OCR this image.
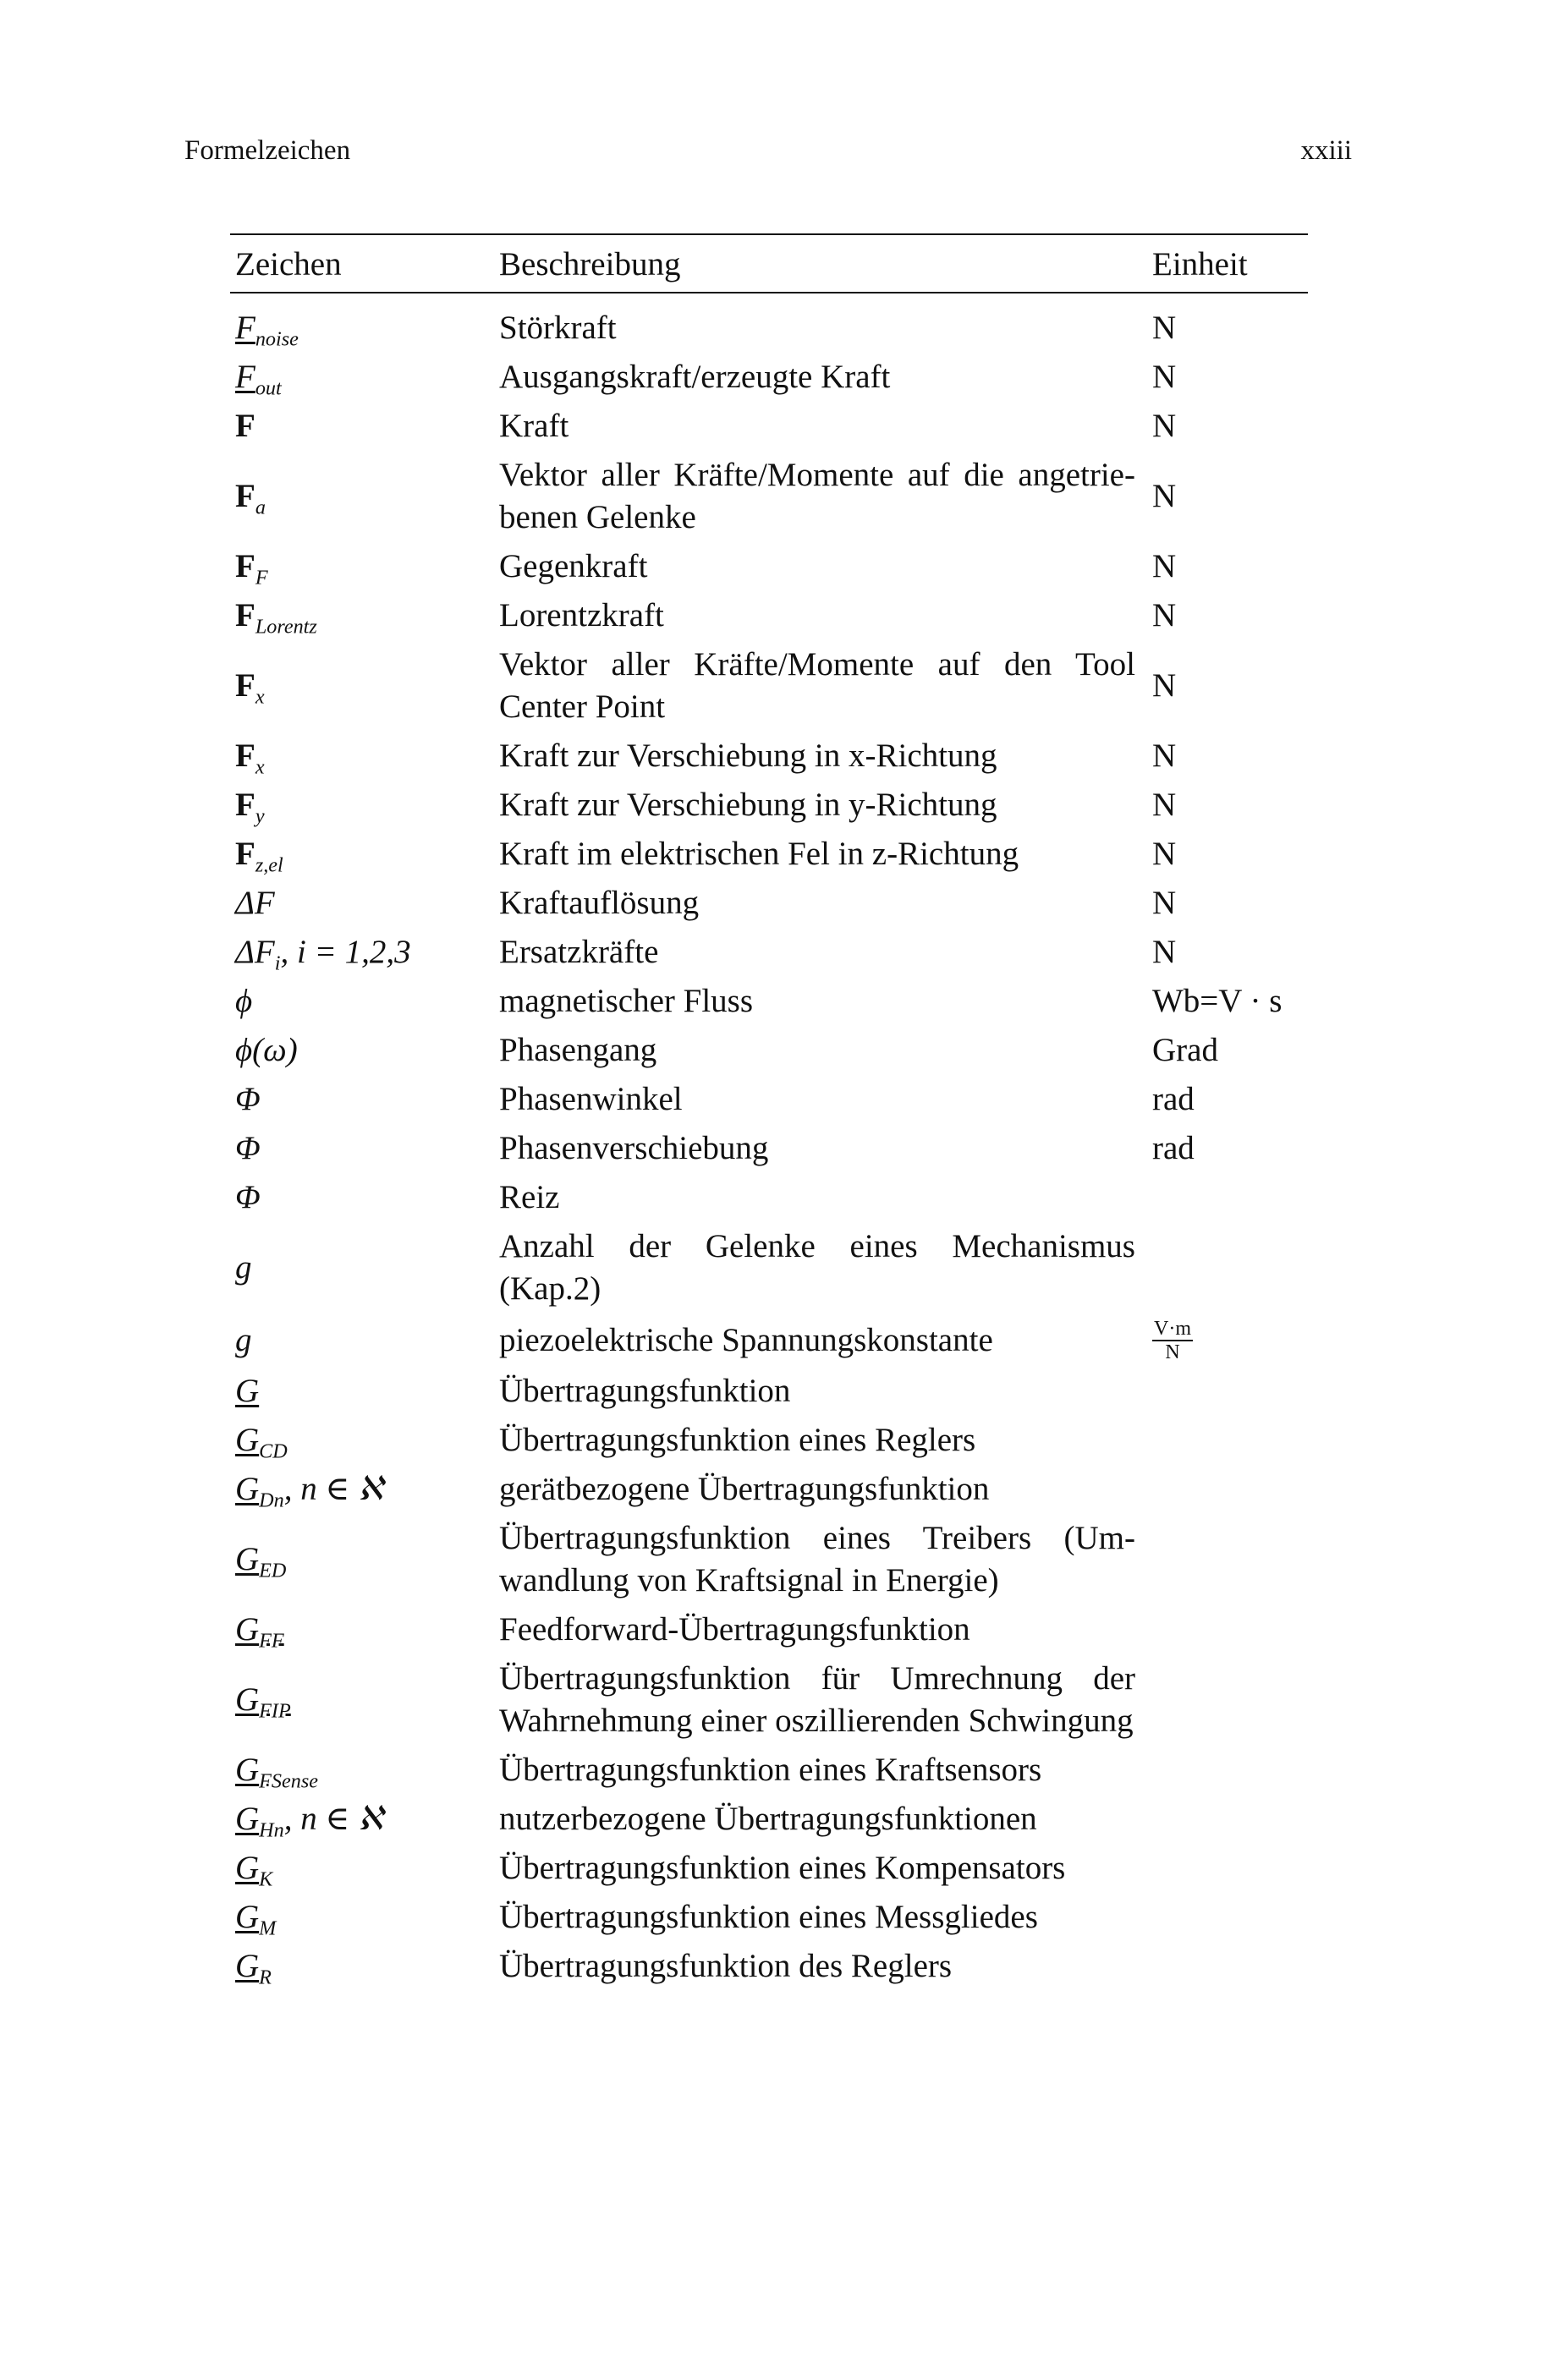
Formelzeichen	xxiii
Zeichen	Beschreibung	Einheit

$F_{noise}$	Störkraft	N
$F_{out}$	Ausgangskraft/erzeugte Kraft	N
F	Kraft	N
$F_a$	Vektor aller Kräfte/Momente auf die angetriebenen Gelenke	N
$F_F$	Gegenkraft	N
$F_{Lorentz}$	Lorentzkraft	N
$F_x$	Vektor aller Kräfte/Momente auf den Tool Center Point	N
$F_x$	Kraft zur Verschiebung in x-Richtung	N
$F_y$	Kraft zur Verschiebung in y-Richtung	N
$F_{z,el}$	Kraft im elektrischen Fel in z-Richtung	N
ΔF	Kraftauflösung	N
$\Delta F_i$, i = 1,2,3	Ersatzkräfte	N
ϕ	magnetischer Fluss	Wb=V · s
ϕ(ω)	Phasengang	Grad
Φ	Phasenwinkel	rad
Φ	Phasenverschiebung	rad
Φ	Reiz	
g	Anzahl der Gelenke eines Mechanismus (Kap.2)	
g	piezoelektrische Spannungskonstante	$\frac{V\cdot m}{N}$

G	Übertragungsfunktion	
$G_{CD}$	Übertragungsfunktion eines Reglers	
$G_{Dn}$, n ∈ ℵ	gerätbezogene Übertragungsfunktion	
$G_{ED}$	Übertragungsfunktion eines Treibers (Umwandlung von Kraftsignal in Energie)	
$G_{FF}$	Feedforward-Übertragungsfunktion	
$G_{FIP}$	Übertragungsfunktion für Umrechnung der Wahrnehmung einer oszillierenden Schwingung	
$G_{FSense}$	Übertragungsfunktion eines Kraftsensors	
$G_{Hn}$, n ∈ ℵ	nutzerbezogene Übertragungsfunktionen	
$G_K$	Übertragungsfunktion eines Kompensators	
$G_M$	Übertragungsfunktion eines Messgliedes	
$G_R$	Übertragungsfunktion des Reglers	
